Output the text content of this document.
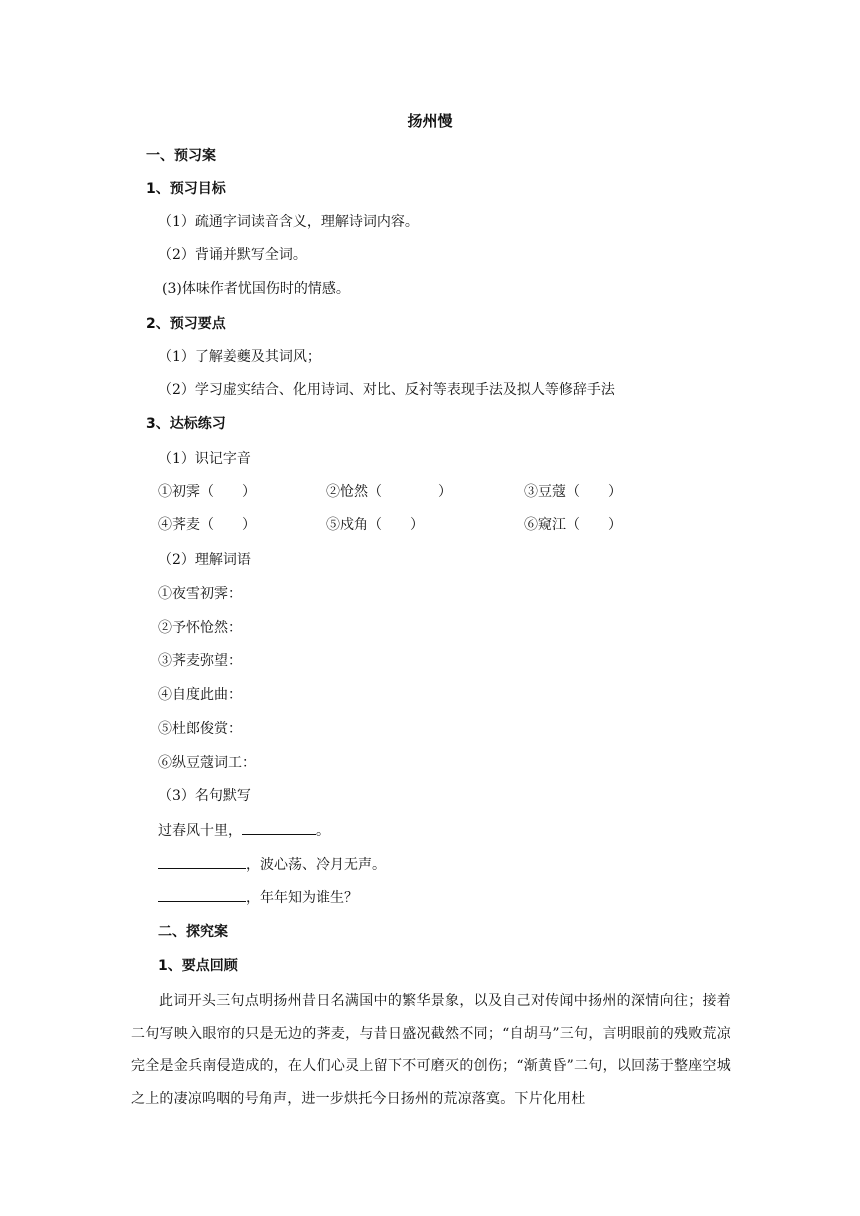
扬州慢
一、预习案
1、预习目标
（1）疏通字词读音含义，理解诗词内容。
（2）背诵并默写全词。
(3)体味作者忧国伤时的情感。
2、预习要点
（1）了解姜夔及其词风；
（2）学习虚实结合、化用诗词、对比、反衬等表现手法及拟人等修辞手法
3、达标练习
（1）识记字音
①初霁（　　）	②怆然（　　　　）	③豆蔻（　　）
④荠麦（　　）	⑤戍角（　　）	⑥窥江（　　）
（2）理解词语
①夜雪初霁：
②予怀怆然：
③荠麦弥望：
④自度此曲：
⑤杜郎俊赏：
⑥纵豆蔻词工：
（3）名句默写
过春风十里，	。
，波心荡、冷月无声。
，年年知为谁生？
二、探究案
1、要点回顾
此词开头三句点明扬州昔日名满国中的繁华景象，以及自己对传闻中扬州的深情向往；接着二句写映入眼帘的只是无边的荠麦，与昔日盛况截然不同；“自胡马”三句，言明眼前的残败荒凉完全是金兵南侵造成的，在人们心灵上留下不可磨灭的创伤；“渐黄昏”二句，以回荡于整座空城之上的凄凉呜咽的号角声，进一步烘托今日扬州的荒凉落寞。下片化用杜
